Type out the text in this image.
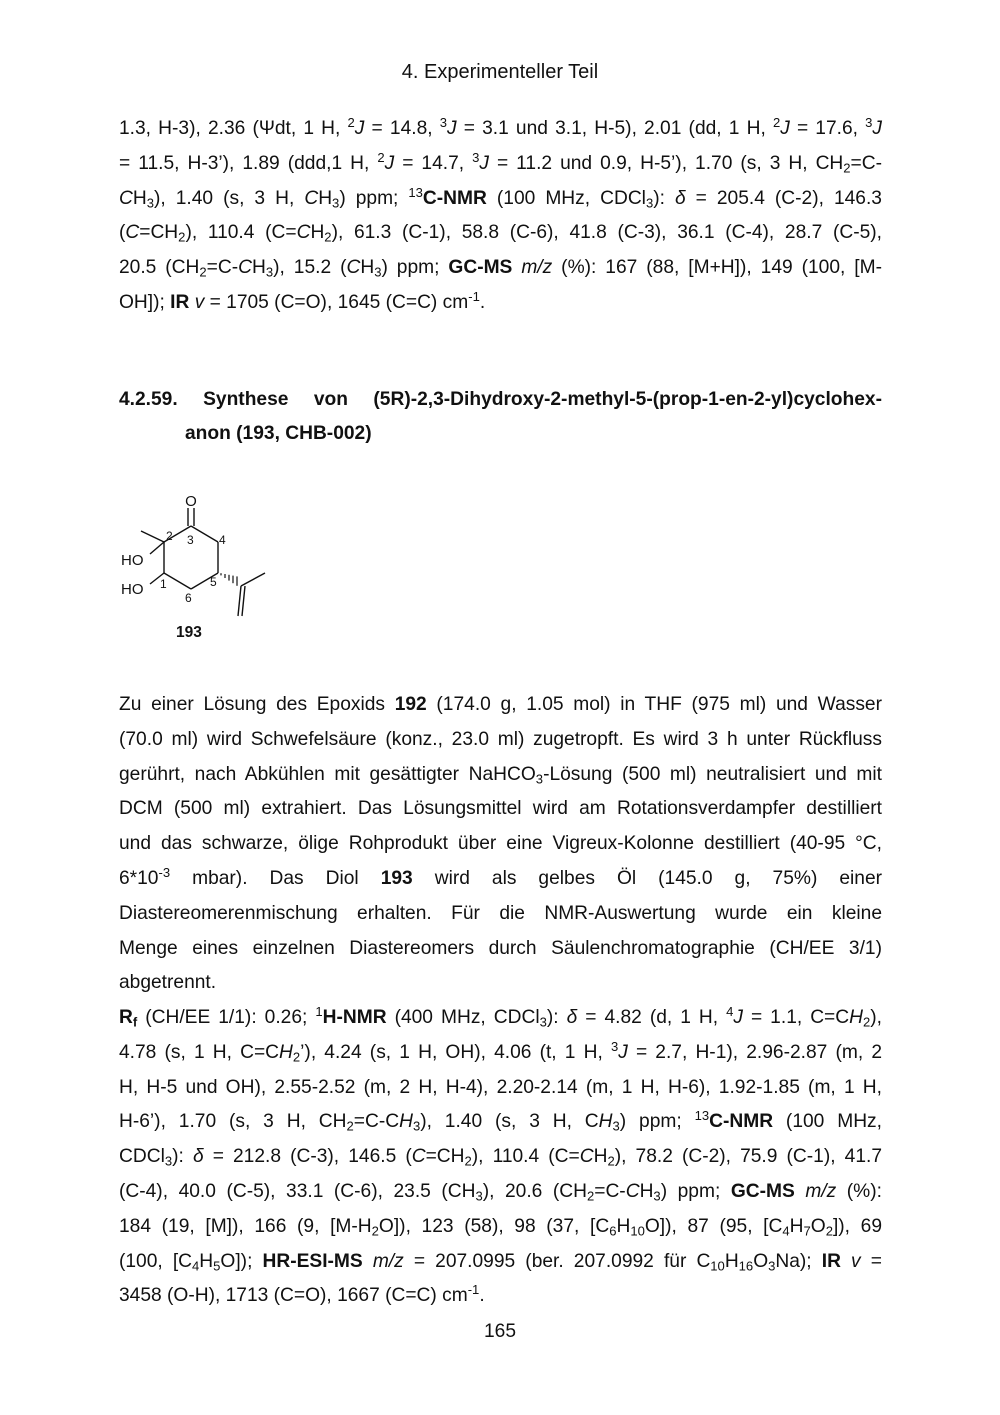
4. Experimenteller Teil
1.3, H-3), 2.36 (Ψdt, 1 H, $^2$J = 14.8, $^3$J = 3.1 und 3.1, H-5), 2.01 (dd, 1 H, $^2$J = 17.6, $^3$J
= 11.5, H-3’), 1.89 (ddd,1 H, $^2$J = 14.7, $^3$J = 11.2 und 0.9, H-5’), 1.70 (s, 3 H, $CH_2=C-$
$CH_3$), 1.40 (s, 3 H, $CH_3$) ppm; $^{13}$C-NMR (100 MHz, CDCl$_3$): δ = 205.4 (C-2), 146.3
$(C=CH_2)$, 110.4 $(C=CH_2)$, 61.3 (C-1), 58.8 (C-6), 41.8 (C-3), 36.1 (C-4), 28.7 (C-5),
20.5 $(CH_2=C-CH_3)$, 15.2 $(CH_3)$ ppm; GC-MS m/z (%): 167 (88, [M+H]), 149 (100, [M-
OH]); IR v = 1705 (C=O), 1645 (C=C) $cm^{-1}$.
4.2.59. Synthese von (5R)-2,3-Dihydroxy-2-methyl-5-(prop-1-en-2-yl)cyclohex-
anon (193, CHB-002)
O
HO
HO
2 3 4
5
1
6
193
Zu einer Lösung des Epoxids 192 (174.0 g, 1.05 mol) in THF (975 ml) und Wasser
(70.0 ml) wird Schwefelsäure (konz., 23.0 ml) zugetropft. Es wird 3 h unter Rückfluss
gerührt, nach Abkühlen mit gesättigter NaHCO$_3$-Lösung (500 ml) neutralisiert und mit
DCM (500 ml) extrahiert. Das Lösungsmittel wird am Rotationsverdampfer destilliert
und das schwarze, ölige Rohprodukt über eine Vigreux-Kolonne destilliert (40-95 °C,
$6*10^{-3}$ mbar). Das Diol 193 wird als gelbes Öl (145.0 g, 75%) einer
Diastereomerenmischung erhalten. Für die NMR-Auswertung wurde ein kleine
Menge eines einzelnen Diastereomers durch Säulenchromatographie (CH/EE 3/1)
abgetrennt.
$R_f$ (CH/EE 1/1): 0.26; $^1$H-NMR (400 MHz, CDCl$_3$): δ = 4.82 (d, 1 H, $^4$J = 1.1, $C=CH_2$),
4.78 (s, 1 H, $C=CH_2$’), 4.24 (s, 1 H, OH), 4.06 (t, 1 H, $^3$J = 2.7, H-1), 2.96-2.87 (m, 2
H, H-5 und OH), 2.55-2.52 (m, 2 H, H-4), 2.20-2.14 (m, 1 H, H-6), 1.92-1.85 (m, 1 H,
H-6’), 1.70 (s, 3 H, $CH_2=C-CH_3$), 1.40 (s, 3 H, $CH_3$) ppm; $^{13}$C-NMR (100 MHz,
CDCl$_3$): δ = 212.8 (C-3), 146.5 $(C=CH_2)$, 110.4 $(C=CH_2)$, 78.2 (C-2), 75.9 (C-1), 41.7
(C-4), 40.0 (C-5), 33.1 (C-6), 23.5 $(CH_3)$, 20.6 $(CH_2=C-CH_3)$ ppm; GC-MS m/z (%):
184 (19, [M]), 166 (9, $[M-H_2O]$), 123 (58), 98 (37, $[C_6H_{10}O]$), 87 (95, $[C_4H_7O_2]$), 69
(100, $[C_4H_5O]$); HR-ESI-MS m/z = 207.0995 (ber. 207.0992 für $C_{10}H_{16}O_3Na$); IR v =
3458 (O-H), 1713 (C=O), 1667 (C=C) $cm^{-1}$.
165
